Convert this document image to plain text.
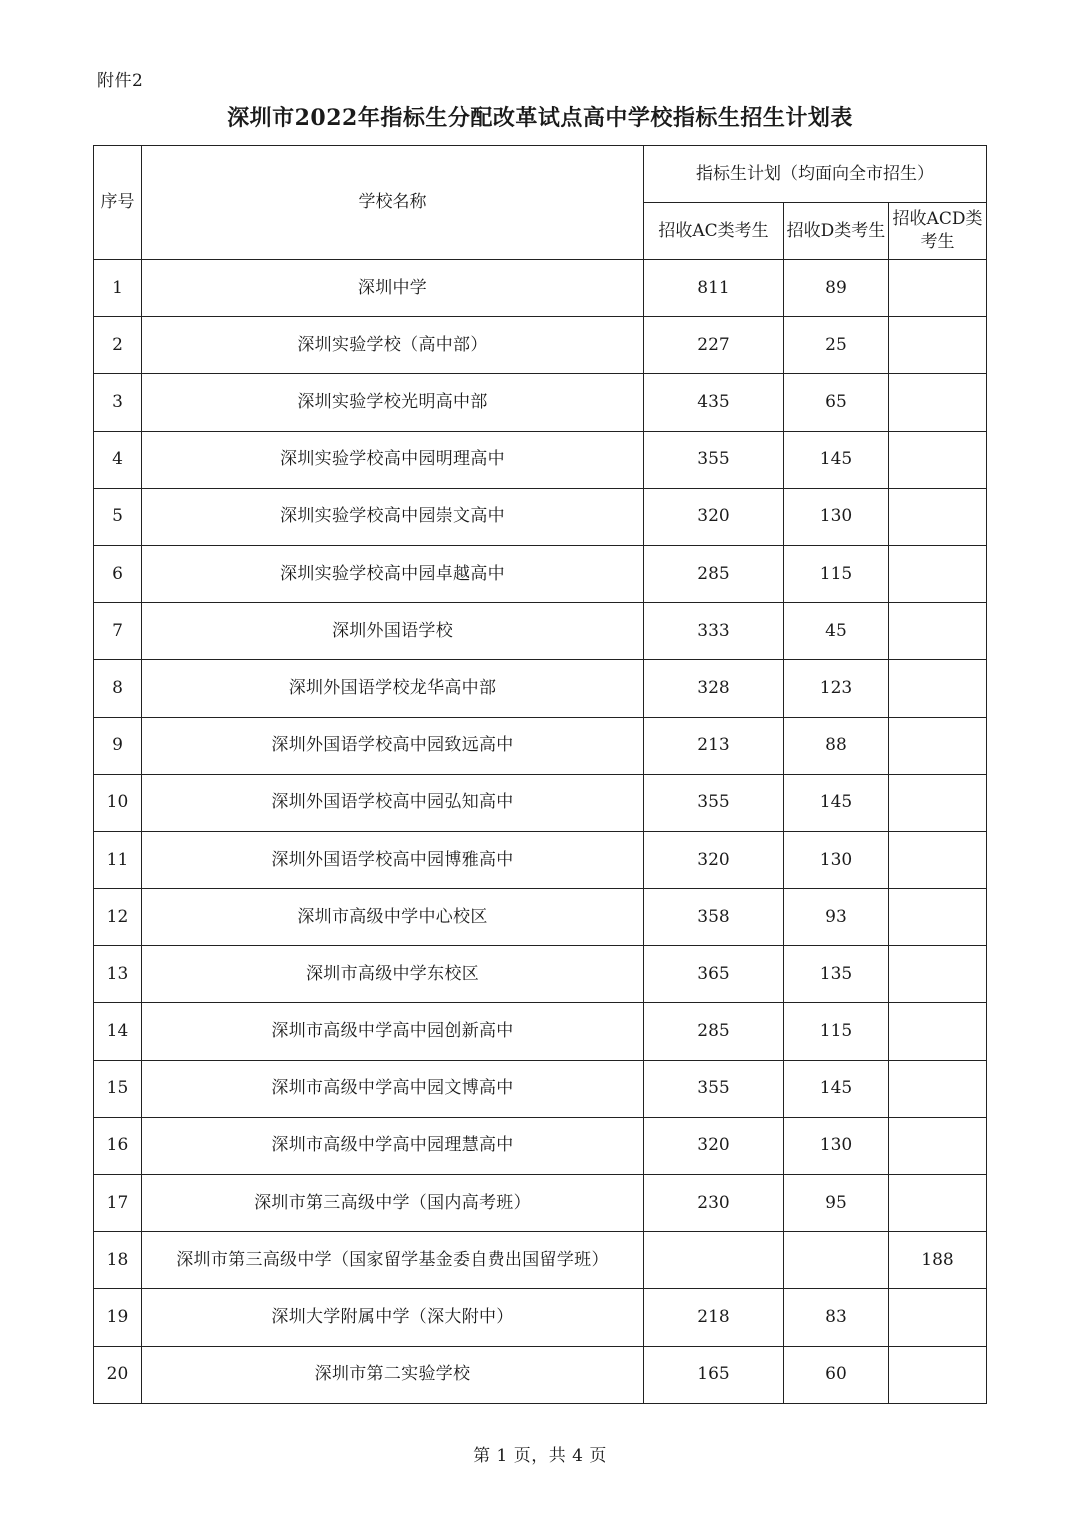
附件2
深圳市2022年指标生分配改革试点高中学校指标生招生计划表
序号	学校名称	指标生计划（均面向全市招生）		
		招收AC类考生	招收D类考生	招收ACD类考生
1	深圳中学	811	89	
2	深圳实验学校（高中部）	227	25	
3	深圳实验学校光明高中部	435	65	
4	深圳实验学校高中园明理高中	355	145	
5	深圳实验学校高中园崇文高中	320	130	
6	深圳实验学校高中园卓越高中	285	115	
7	深圳外国语学校	333	45	
8	深圳外国语学校龙华高中部	328	123	
9	深圳外国语学校高中园致远高中	213	88	
10	深圳外国语学校高中园弘知高中	355	145	
11	深圳外国语学校高中园博雅高中	320	130	
12	深圳市高级中学中心校区	358	93	
13	深圳市高级中学东校区	365	135	
14	深圳市高级中学高中园创新高中	285	115	
15	深圳市高级中学高中园文博高中	355	145	
16	深圳市高级中学高中园理慧高中	320	130	
17	深圳市第三高级中学（国内高考班）	230	95	
18	深圳市第三高级中学（国家留学基金委自费出国留学班）			188
19	深圳大学附属中学（深大附中）	218	83	
20	深圳市第二实验学校	165	60	
第 1 页，共 4 页
